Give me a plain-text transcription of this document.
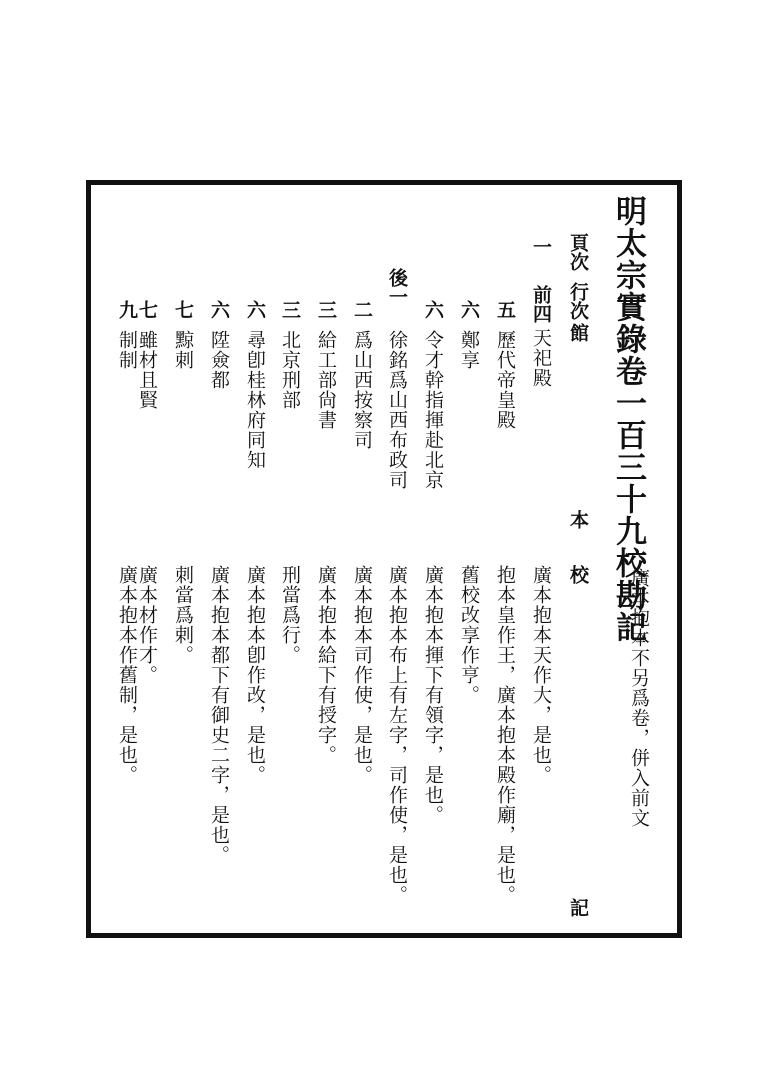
明太宗實錄卷一百三十九校勘記
廣本抱本不另爲卷，併入前文
頁次
行次
館
本
校
記
一
前四
天祀殿
廣本抱本天作大，是也。
五
歷代帝皇殿
抱本皇作王，廣本抱本殿作廟，是也。
六
鄭享
舊校改享作亨。
六
令才幹指揮赴北京
廣本抱本揮下有領字，是也。
後一
徐銘爲山西布政司
廣本抱本布上有左字，司作使，是也。
二
爲山西按察司
廣本抱本司作使，是也。
三
給工部尙書
廣本抱本給下有授字。
三
北京刑部
刑當爲行。
六
尋卽桂林府同知
廣本抱本卽作改，是也。
六
陞僉都
廣本抱本都下有御史二字，是也。
七
黥刺
刺當爲剌。
七
雖材且賢
廣本材作才。
九
制制
廣本抱本作舊制，是也。
